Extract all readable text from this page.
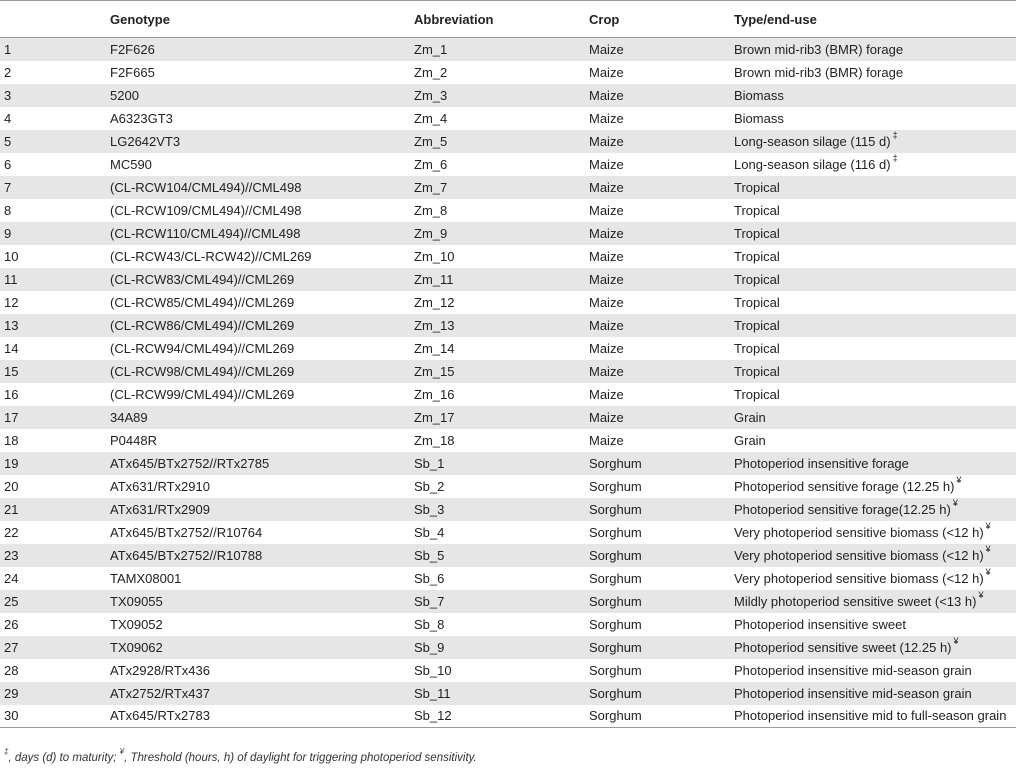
	Genotype	Abbreviation	Crop	Type/end-use
1	F2F626	Zm_1	Maize	Brown mid-rib3 (BMR) forage
2	F2F665	Zm_2	Maize	Brown mid-rib3 (BMR) forage
3	5200	Zm_3	Maize	Biomass
4	A6323GT3	Zm_4	Maize	Biomass
5	LG2642VT3	Zm_5	Maize	Long-season silage (115 d) ‡
6	MC590	Zm_6	Maize	Long-season silage (116 d) ‡
7	(CL-RCW104/CML494)//CML498	Zm_7	Maize	Tropical
8	(CL-RCW109/CML494)//CML498	Zm_8	Maize	Tropical
9	(CL-RCW110/CML494)//CML498	Zm_9	Maize	Tropical
10	(CL-RCW43/CL-RCW42)//CML269	Zm_10	Maize	Tropical
11	(CL-RCW83/CML494)//CML269	Zm_11	Maize	Tropical
12	(CL-RCW85/CML494)//CML269	Zm_12	Maize	Tropical
13	(CL-RCW86/CML494)//CML269	Zm_13	Maize	Tropical
14	(CL-RCW94/CML494)//CML269	Zm_14	Maize	Tropical
15	(CL-RCW98/CML494)//CML269	Zm_15	Maize	Tropical
16	(CL-RCW99/CML494)//CML269	Zm_16	Maize	Tropical
17	34A89	Zm_17	Maize	Grain
18	P0448R	Zm_18	Maize	Grain
19	ATx645/BTx2752//RTx2785	Sb_1	Sorghum	Photoperiod insensitive forage
20	ATx631/RTx2910	Sb_2	Sorghum	Photoperiod sensitive forage (12.25 h) ¥
21	ATx631/RTx2909	Sb_3	Sorghum	Photoperiod sensitive forage(12.25 h) ¥
22	ATx645/BTx2752//R10764	Sb_4	Sorghum	Very photoperiod sensitive biomass (<12 h) ¥
23	ATx645/BTx2752//R10788	Sb_5	Sorghum	Very photoperiod sensitive biomass (<12 h) ¥
24	TAMX08001	Sb_6	Sorghum	Very photoperiod sensitive biomass (<12 h) ¥
25	TX09055	Sb_7	Sorghum	Mildly photoperiod sensitive sweet (<13 h) ¥
26	TX09052	Sb_8	Sorghum	Photoperiod insensitive sweet
27	TX09062	Sb_9	Sorghum	Photoperiod sensitive sweet (12.25 h) ¥
28	ATx2928/RTx436	Sb_10	Sorghum	Photoperiod insensitive mid-season grain
29	ATx2752/RTx437	Sb_11	Sorghum	Photoperiod insensitive mid-season grain
30	ATx645/RTx2783	Sb_12	Sorghum	Photoperiod insensitive mid to full-season grain
‡, days (d) to maturity; ¥, Threshold (hours, h) of daylight for triggering photoperiod sensitivity.
